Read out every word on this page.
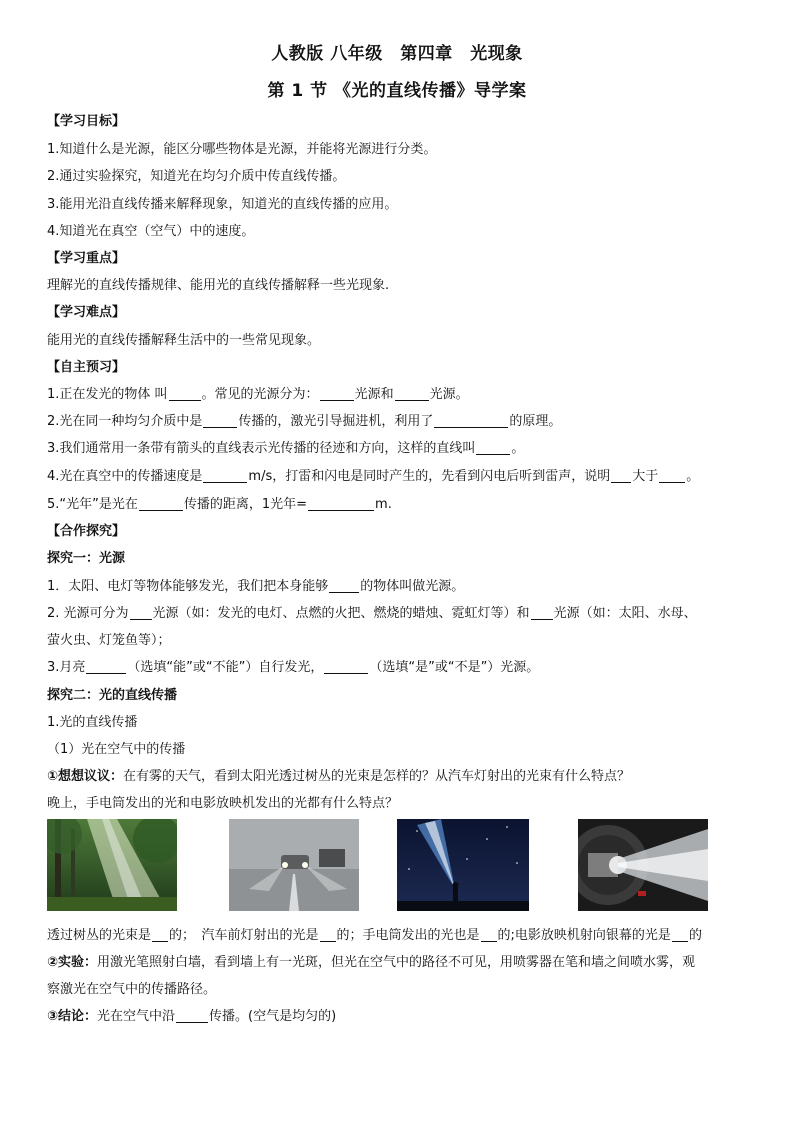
人教版 八年级　第四章　光现象
第 1 节 《光的直线传播》导学案
【学习目标】
1.知道什么是光源，能区分哪些物体是光源，并能将光源进行分类。
2.通过实验探究，知道光在均匀介质中传直线传播。
3.能用光沿直线传播来解释现象，知道光的直线传播的应用。
4.知道光在真空（空气）中的速度。
【学习重点】
理解光的直线传播规律、能用光的直线传播解释一些光现象.
【学习难点】
能用光的直线传播解释生活中的一些常见现象。
【自主预习】
1.正在发光的物体 叫	。常见的光源分为：	光源和	光源。
2.光在同一种均匀介质中是	传播的，激光引导掘进机，利用了	的原理。
3.我们通常用一条带有箭头的直线表示光传播的径迹和方向，这样的直线叫	。
4.光在真空中的传播速度是	m/s，打雷和闪电是同时产生的，先看到闪电后听到雷声，说明 大于 。
5.“光年”是光在	传播的距离，1光年=	m.
【合作探究】
探究一：光源
1．太阳、电灯等物体能够发光，我们把本身能够 的物体叫做光源。
2. 光源可分为 光源（如：发光的电灯、点燃的火把、燃烧的蜡烛、霓虹灯等）和 光源（如：太阳、水母、
萤火虫、灯笼鱼等）；
3.月亮	（选填“能”或“不能”）自行发光，	（选填“是”或“不是”）光源。
探究二：光的直线传播
1.光的直线传播
（1）光在空气中的传播
①想想议议：在有雾的天气，看到太阳光透过树丛的光束是怎样的？从汽车灯射出的光束有什么特点？
晚上，手电筒发出的光和电影放映机发出的光都有什么特点？
透过树丛的光束是 的；　汽车前灯射出的光是 的；手电筒发出的光也是 的;电影放映机射向银幕的光是 的
②实验：用激光笔照射白墙，看到墙上有一光斑，但光在空气中的路径不可见，用喷雾器在笔和墙之间喷水雾，观
察激光在空气中的传播路径。
③结论：光在空气中沿	传播。(空气是均匀的)
